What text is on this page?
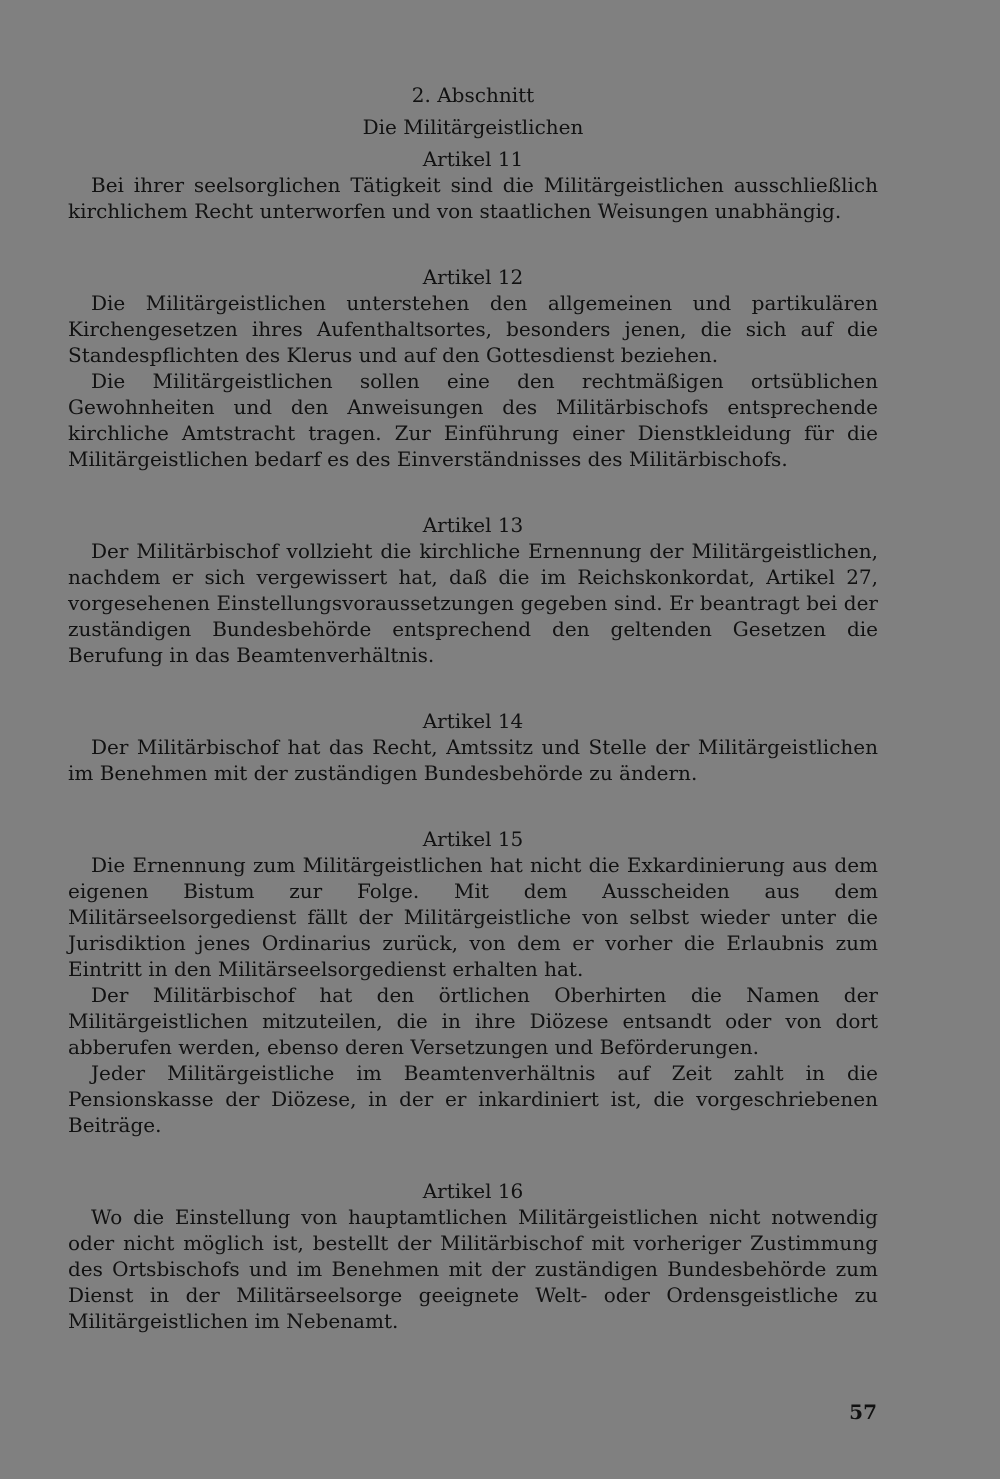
2. Abschnitt

Die Militärgeistlichen

Artikel 11

Bei ihrer seelsorglichen Tätigkeit sind die Militärgeistlichen ausschließlich kirchlichem Recht unterworfen und von staatlichen Weisungen unabhängig.

Artikel 12

Die Militärgeistlichen unterstehen den allgemeinen und partikulären Kirchengesetzen ihres Aufenthaltsortes, besonders jenen, die sich auf die Standespflichten des Klerus und auf den Gottesdienst beziehen.

Die Militärgeistlichen sollen eine den rechtmäßigen ortsüblichen Gewohnheiten und den Anweisungen des Militärbischofs entsprechende kirchliche Amtstracht tragen. Zur Einführung einer Dienstkleidung für die Militärgeistlichen bedarf es des Einverständnisses des Militärbischofs.

Artikel 13

Der Militärbischof vollzieht die kirchliche Ernennung der Militärgeistlichen, nachdem er sich vergewissert hat, daß die im Reichskonkordat, Artikel 27, vorgesehenen Einstellungsvoraussetzungen gegeben sind. Er beantragt bei der zuständigen Bundesbehörde entsprechend den geltenden Gesetzen die Berufung in das Beamtenverhältnis.

Artikel 14

Der Militärbischof hat das Recht, Amtssitz und Stelle der Militärgeistlichen im Benehmen mit der zuständigen Bundesbehörde zu ändern.

Artikel 15

Die Ernennung zum Militärgeistlichen hat nicht die Exkardinierung aus dem eigenen Bistum zur Folge. Mit dem Ausscheiden aus dem Militärseelsorgedienst fällt der Militärgeistliche von selbst wieder unter die Jurisdiktion jenes Ordinarius zurück, von dem er vorher die Erlaubnis zum Eintritt in den Militärseelsorgedienst erhalten hat.

Der Militärbischof hat den örtlichen Oberhirten die Namen der Militärgeistlichen mitzuteilen, die in ihre Diözese entsandt oder von dort abberufen werden, ebenso deren Versetzungen und Beförderungen.

Jeder Militärgeistliche im Beamtenverhältnis auf Zeit zahlt in die Pensionskasse der Diözese, in der er inkardiniert ist, die vorgeschriebenen Beiträge.

Artikel 16

Wo die Einstellung von hauptamtlichen Militärgeistlichen nicht notwendig oder nicht möglich ist, bestellt der Militärbischof mit vorheriger Zustimmung des Ortsbischofs und im Benehmen mit der zuständigen Bundesbehörde zum Dienst in der Militärseelsorge geeignete Welt- oder Ordensgeistliche zu Militärgeistlichen im Nebenamt.

57
